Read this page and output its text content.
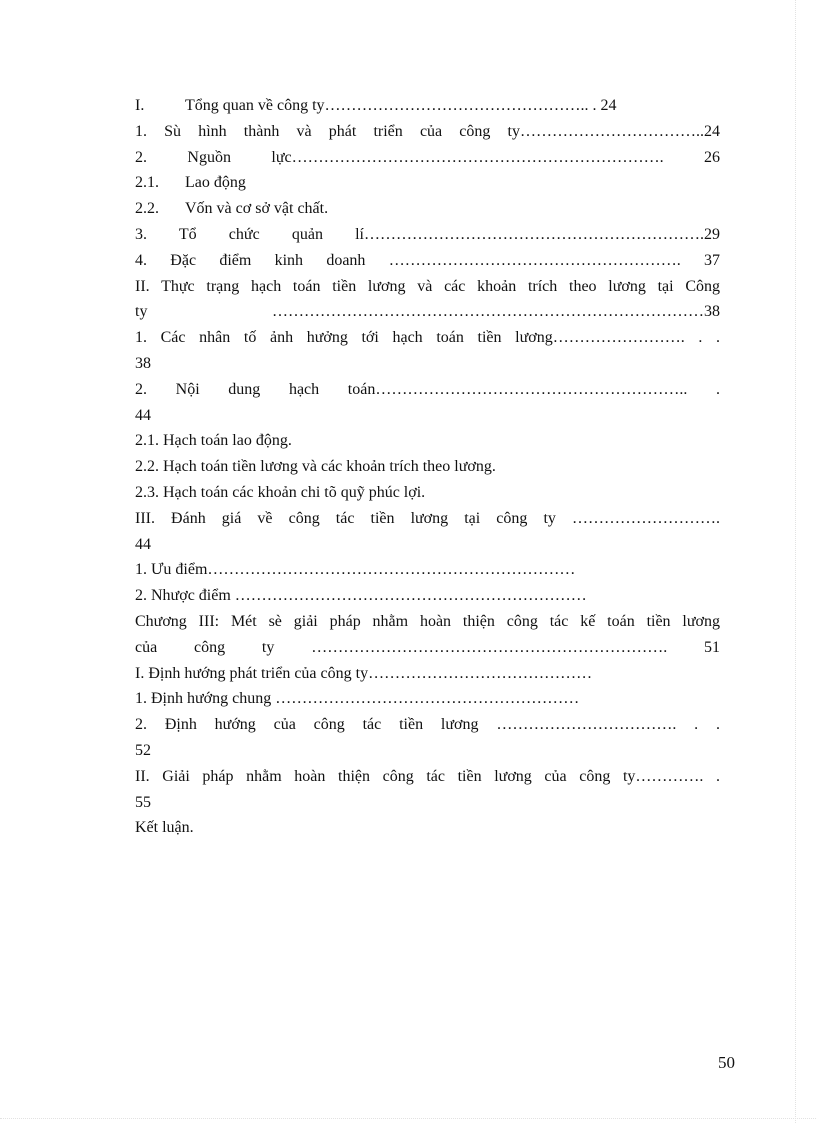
I.	Tổng quan về công ty………………………………………….. . 24
1. Sù hình thành và phát triển của công ty……………………………..24
2. Nguồn lực……………………………………………………………. 26
2.1. Lao động
2.2. Vốn và cơ sở vật chất.
3. Tổ chức quản lí……………………………………………………….29
4. Đặc điểm kinh doanh ………………………………………………. 37
II. Thực trạng hạch toán tiền lương và các khoản trích theo lương tại Công
ty ………………………………………………………………………38
1. Các nhân tố ảnh hưởng tới hạch toán tiền lương……………………. . .
38
2. Nội dung hạch toán………………………………………………….. .
44
2.1. Hạch toán lao động.
2.2. Hạch toán tiền lương và các khoản trích theo lương.
2.3. Hạch toán các khoản chi tõ quỹ phúc lợi.
III. Đánh giá về công tác tiền lương tại công ty ……………………….
44
1. Ưu điểm……………………………………………………………
2. Nhược điểm …………………………………………………………
Chương III: Mét sè giải pháp nhằm hoàn thiện công tác kế toán tiền lương
của công ty …………………………………………………………. 51
I. Định hướng phát triển của công ty……………………………………
1. Định hướng chung …………………………………………………
2. Định hướng của công tác tiền lương ……………………………. . .
52
II. Giải pháp nhằm hoàn thiện công tác tiền lương của công ty…………. .
55
Kết luận.
50
